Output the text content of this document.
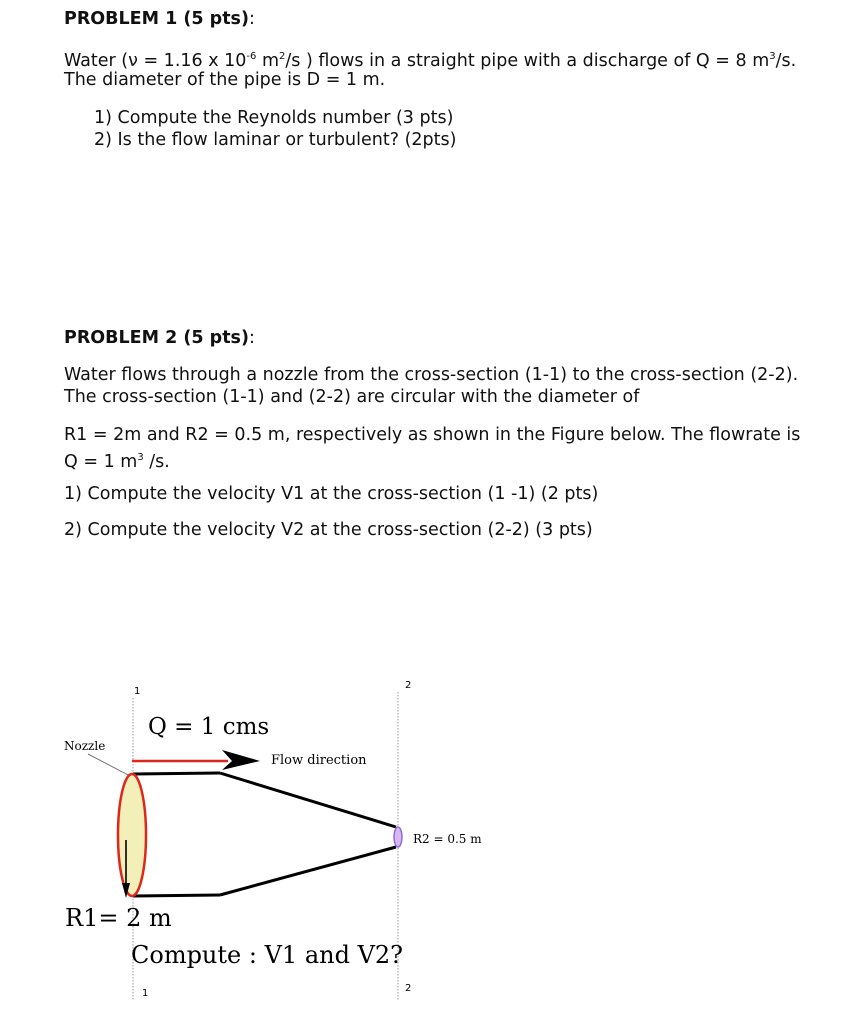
PROBLEM 1 (5 pts):
Water (ν = 1.16 x $10^{-6}$ $m^2/s$ ) flows in a straight pipe with a discharge of Q = 8 $m^3/s$.
The diameter of the pipe is D = 1 m.
1) Compute the Reynolds number (3 pts)
2) Is the flow laminar or turbulent? (2pts)
PROBLEM 2 (5 pts):
Water flows through a nozzle from the cross-section (1-1) to the cross-section (2-2).
The cross-section (1-1) and (2-2) are circular with the diameter of
R1 = 2m and R2 = 0.5 m, respectively as shown in the Figure below. The flowrate is
Q = 1 $m^3$ /s.
1) Compute the velocity V1 at the cross-section (1 -1) (2 pts)
2) Compute the velocity V2 at the cross-section (2-2) (3 pts)
1
2
1	2
Q = 1 cms
Nozzle
Flow direction
R2 = 0.5 m
R1= 2 m
Compute : V1 and V2?
